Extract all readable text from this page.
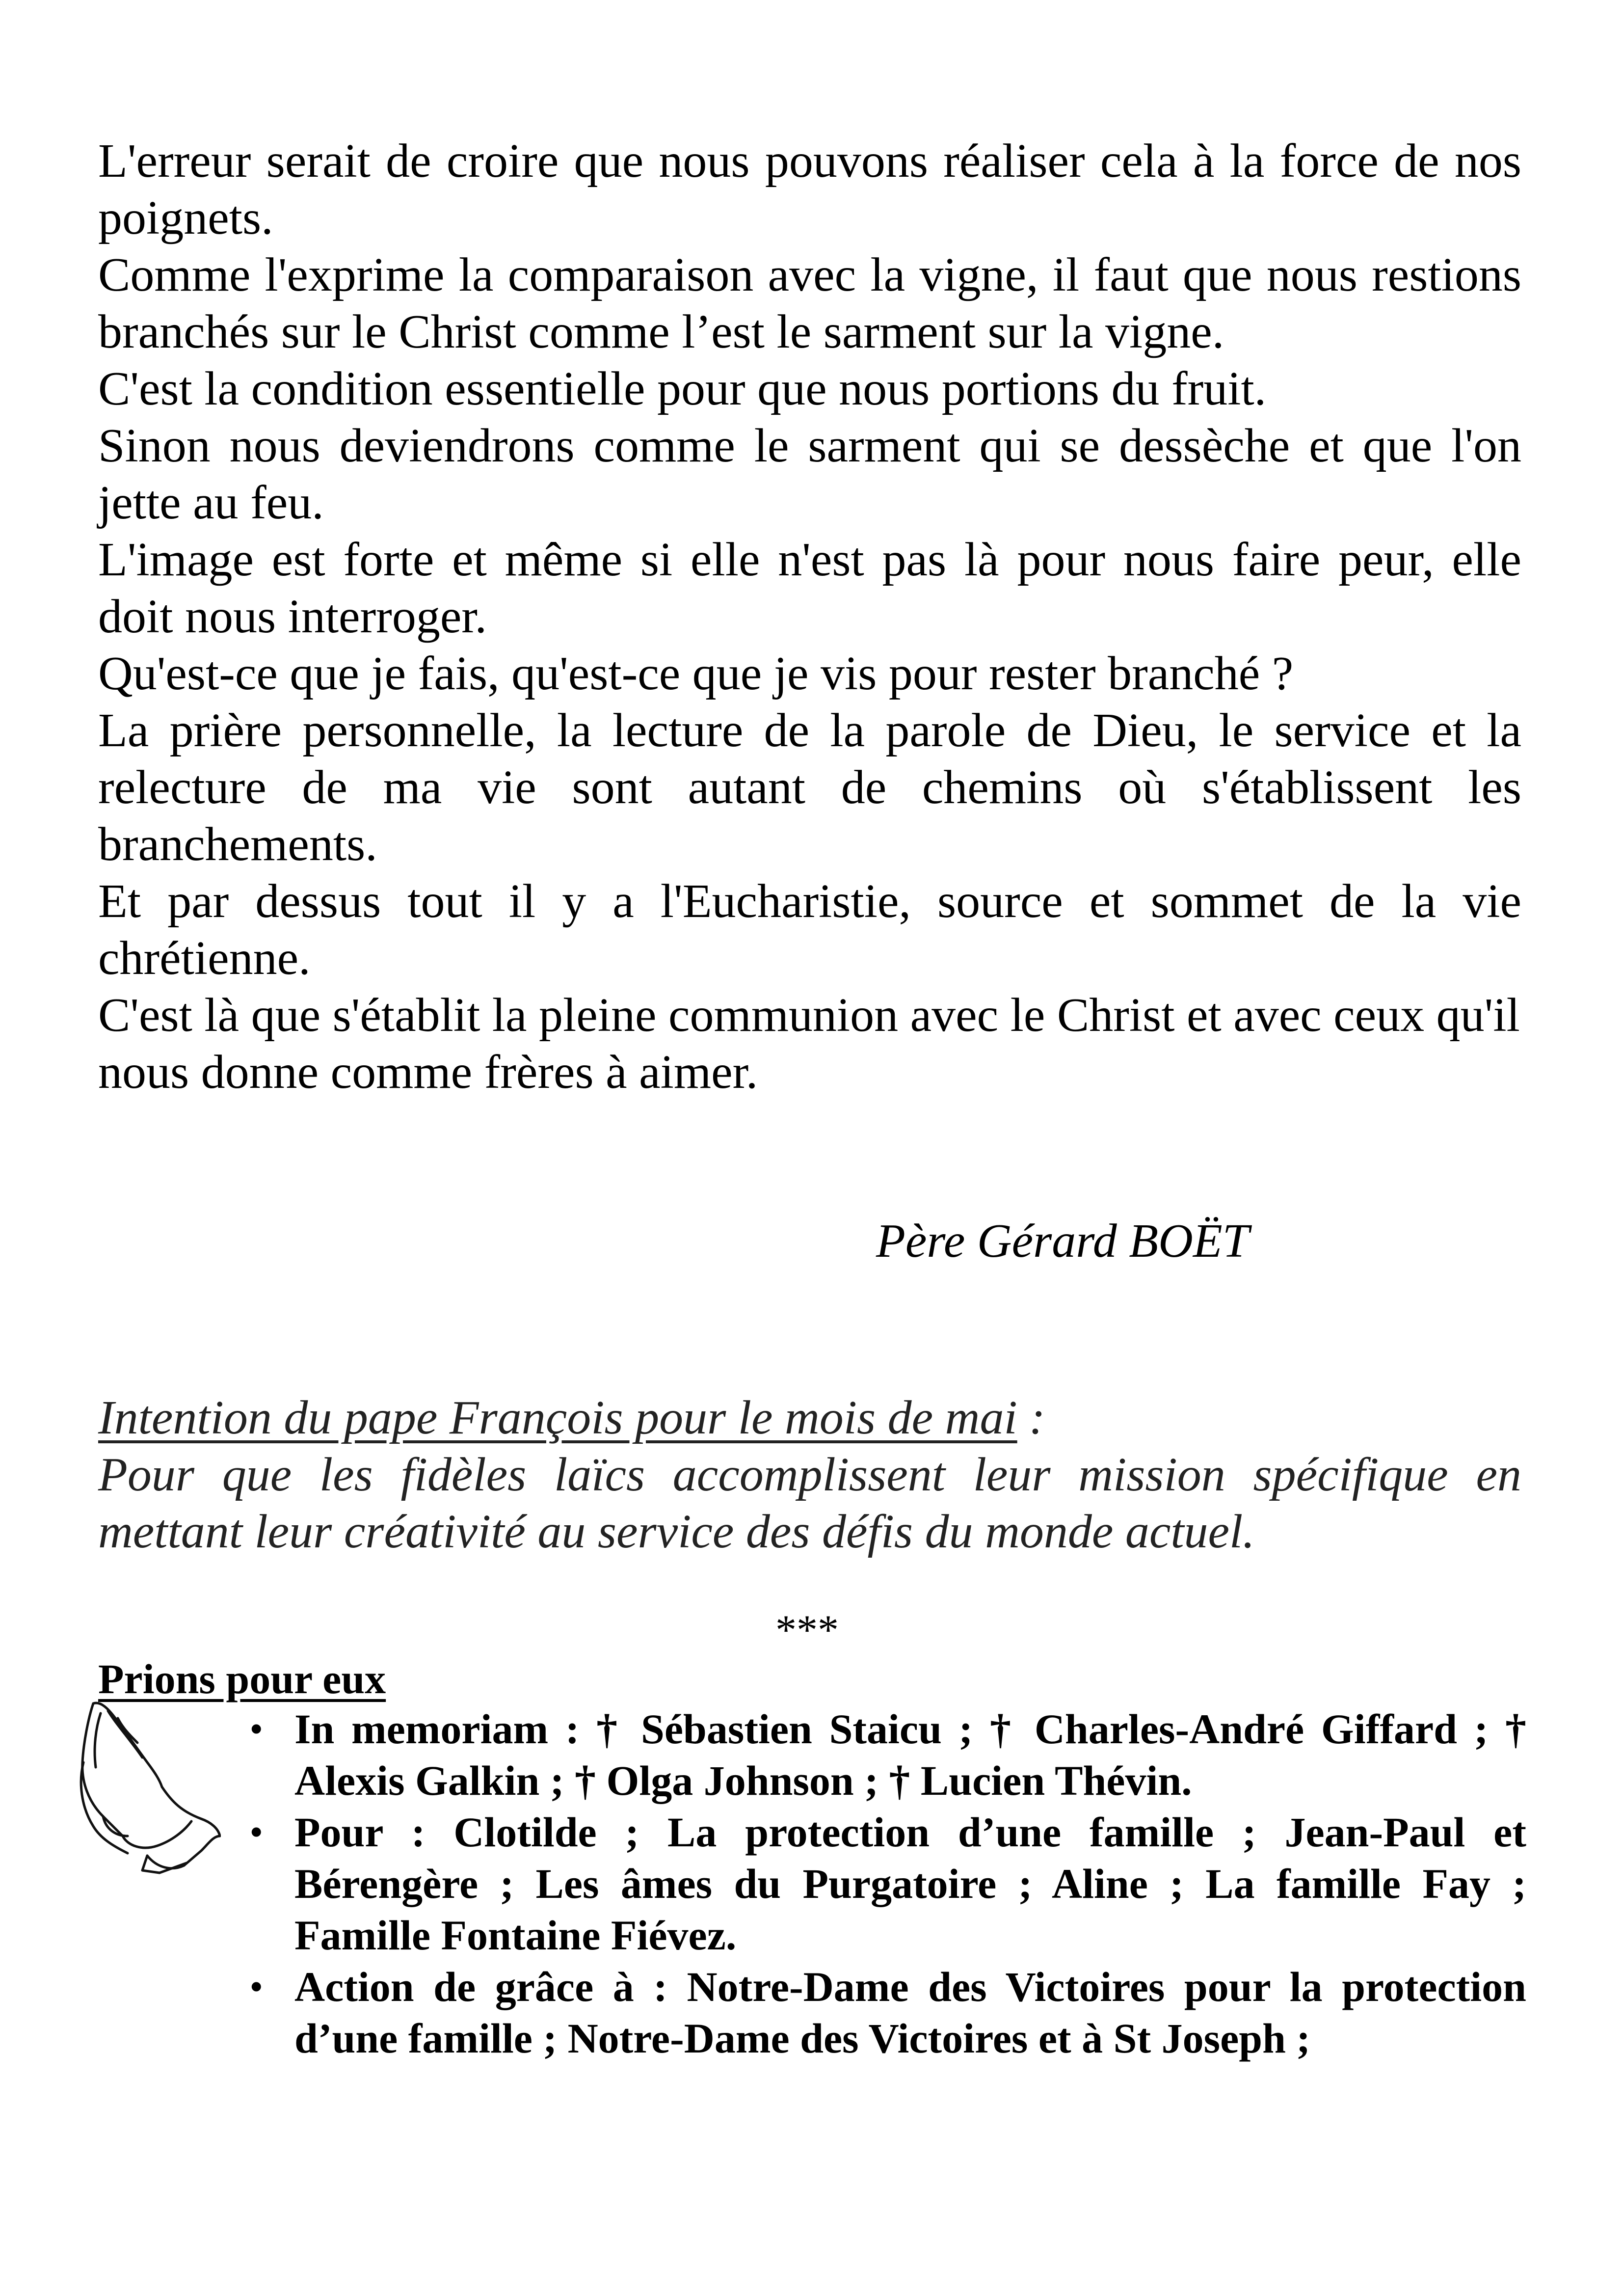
L'erreur serait de croire que nous pouvons réaliser cela à la force de nos poignets.

Comme l'exprime la comparaison avec la vigne, il faut que nous restions branchés sur le Christ comme l’est le sarment sur la vigne.

C'est la condition essentielle pour que nous portions du fruit.

Sinon nous deviendrons comme le sarment qui se dessèche et que l'on jette au feu.

L'image est forte et même si elle n'est pas là pour nous faire peur, elle doit nous interroger.

Qu'est-ce que je fais, qu'est-ce que je vis pour rester branché ?

La prière personnelle, la lecture de la parole de Dieu, le service et la relecture de ma vie sont autant de chemins où s'établissent les branchements.

Et par dessus tout il y a l'Eucharistie, source et sommet de la vie chrétienne.

C'est là que s'établit la pleine communion avec le Christ et avec ceux qu'il nous donne comme frères à aimer.

Père Gérard BOËT
Intention du pape François pour le mois de mai :

Pour que les fidèles laïcs accomplissent leur mission spécifique en mettant leur créativité au service des défis du monde actuel.

***
Prions pour eux
• In memoriam : † Sébastien Staicu ; † Charles-André Giffard ; † Alexis Galkin ; † Olga Johnson ; † Lucien Thévin.
• Pour : Clotilde ; La protection d’une famille ; Jean-Paul et Bérengère ; Les âmes du Purgatoire ; Aline ; La famille Fay ; Famille Fontaine Fiévez.
• Action de grâce à : Notre-Dame des Victoires pour la protection d’une famille ; Notre-Dame des Victoires et à St Joseph ;
